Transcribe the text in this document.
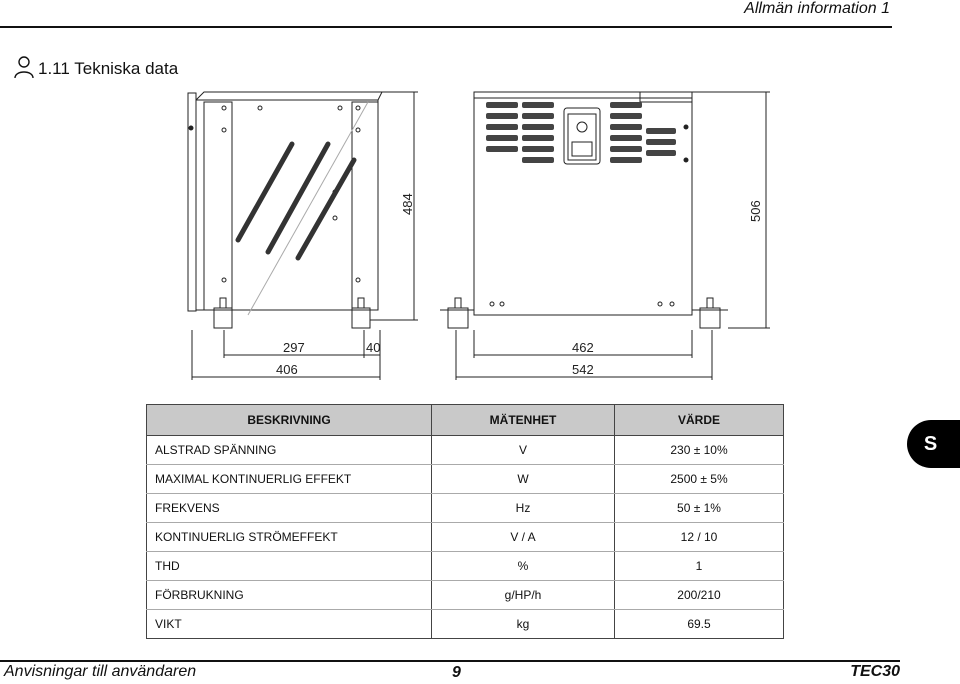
Allmän information 1
1.11 Tekniska data
484
297	40
406
506
462
542
S
BESKRIVNING	MÄTENHET	VÄRDE
ALSTRAD SPÄNNING	V	230 ± 10%
MAXIMAL KONTINUERLIG EFFEKT	W	2500 ± 5%
FREKVENS	Hz	50 ± 1%
KONTINUERLIG STRÖMEFFEKT	V / A	12 / 10
THD	%	1
FÖRBRUKNING	g/HP/h	200/210
VIKT	kg	69.5
Anvisningar till användaren	9	TEC30
